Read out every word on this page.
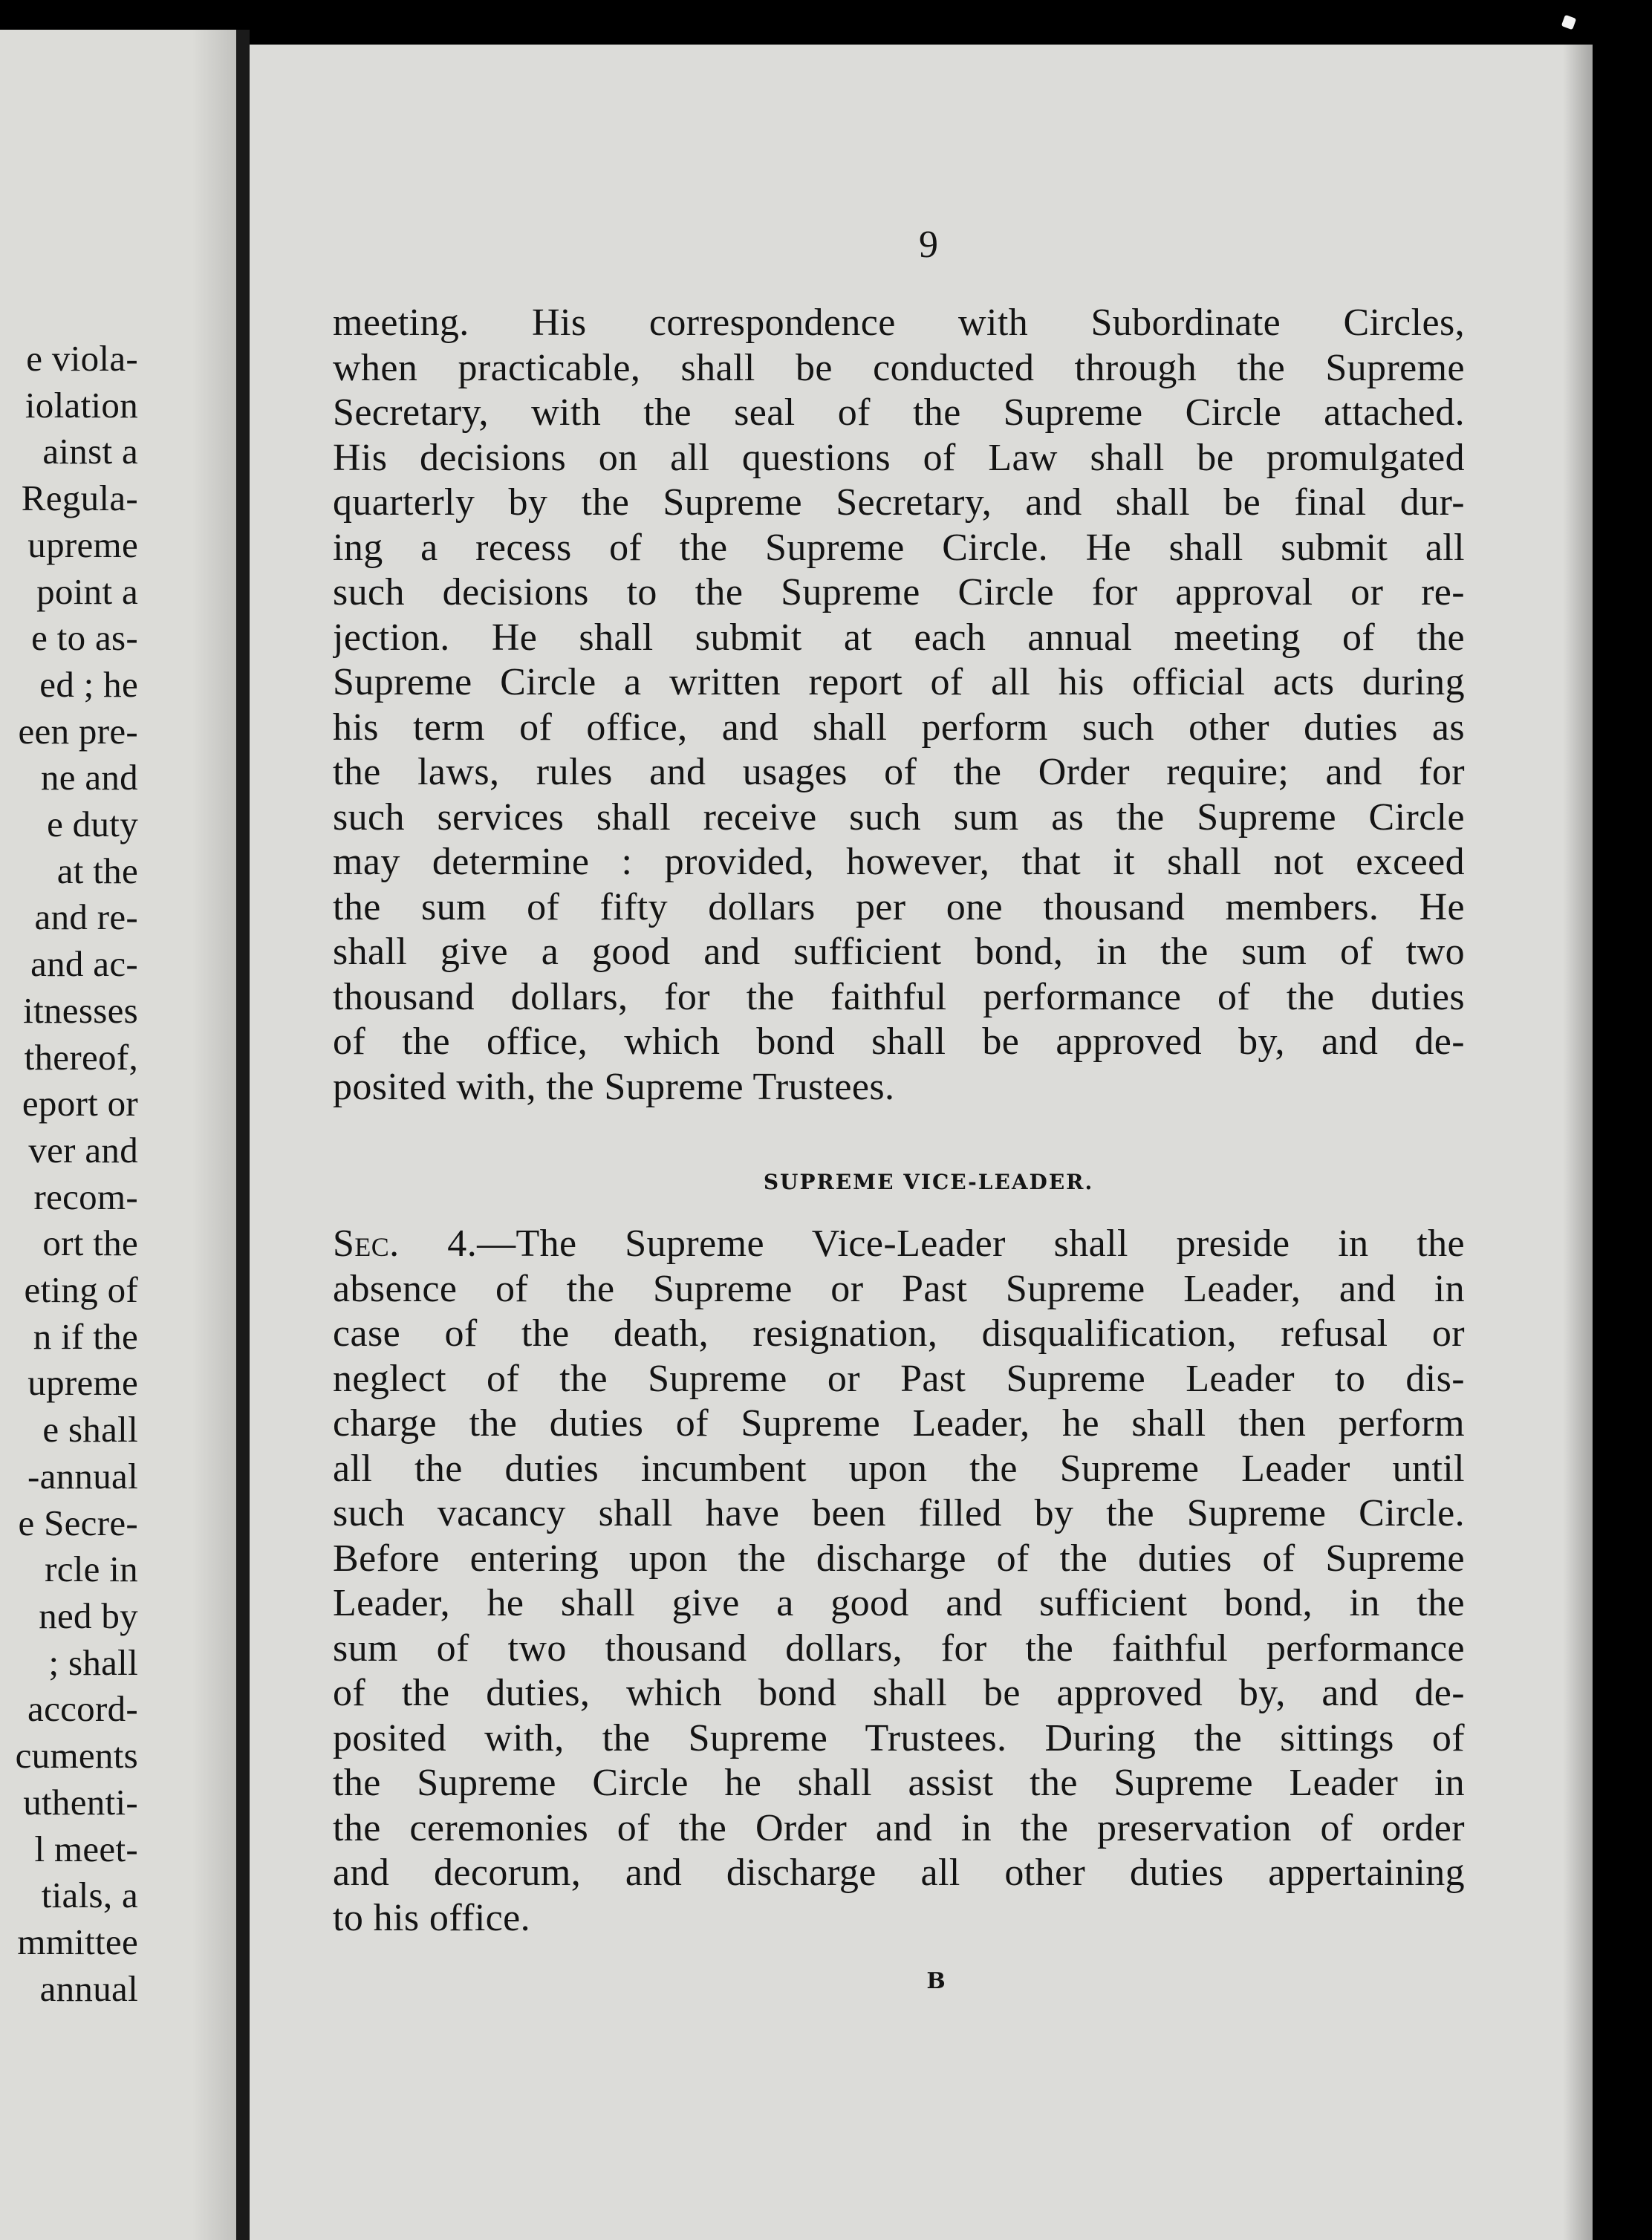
e viola-
iolation
ainst a
Regula-
upreme
point a
e to as-
ed ; he
een pre-
ne and
e duty
at the
and re-
and ac-
itnesses
thereof,
eport or
ver and
recom-
ort the
eting of
n if the
upreme
e shall
-annual
e Secre-
rcle in
ned by
; shall
accord-
cuments
uthenti-
l meet-
tials, a
mmittee
annual
9
meeting. His correspondence with Subordinate Circles,
when practicable, shall be conducted through the Supreme
Secretary, with the seal of the Supreme Circle attached.
His decisions on all questions of Law shall be promulgated
quarterly by the Supreme Secretary, and shall be final dur-
ing a recess of the Supreme Circle. He shall submit all
such decisions to the Supreme Circle for approval or re-
jection. He shall submit at each annual meeting of the
Supreme Circle a written report of all his official acts during
his term of office, and shall perform such other duties as
the laws, rules and usages of the Order require; and for
such services shall receive such sum as the Supreme Circle
may determine : provided, however, that it shall not exceed
the sum of fifty dollars per one thousand members. He
shall give a good and sufficient bond, in the sum of two
thousand dollars, for the faithful performance of the duties
of the office, which bond shall be approved by, and de-
posited with, the Supreme Trustees.
SUPREME VICE-LEADER.
Sec. 4.—The Supreme Vice-Leader shall preside in the
absence of the Supreme or Past Supreme Leader, and in
case of the death, resignation, disqualification, refusal or
neglect of the Supreme or Past Supreme Leader to dis-
charge the duties of Supreme Leader, he shall then perform
all the duties incumbent upon the Supreme Leader until
such vacancy shall have been filled by the Supreme Circle.
Before entering upon the discharge of the duties of Supreme
Leader, he shall give a good and sufficient bond, in the
sum of two thousand dollars, for the faithful performance
of the duties, which bond shall be approved by, and de-
posited with, the Supreme Trustees. During the sittings of
the Supreme Circle he shall assist the Supreme Leader in
the ceremonies of the Order and in the preservation of order
and decorum, and discharge all other duties appertaining
to his office.
B
